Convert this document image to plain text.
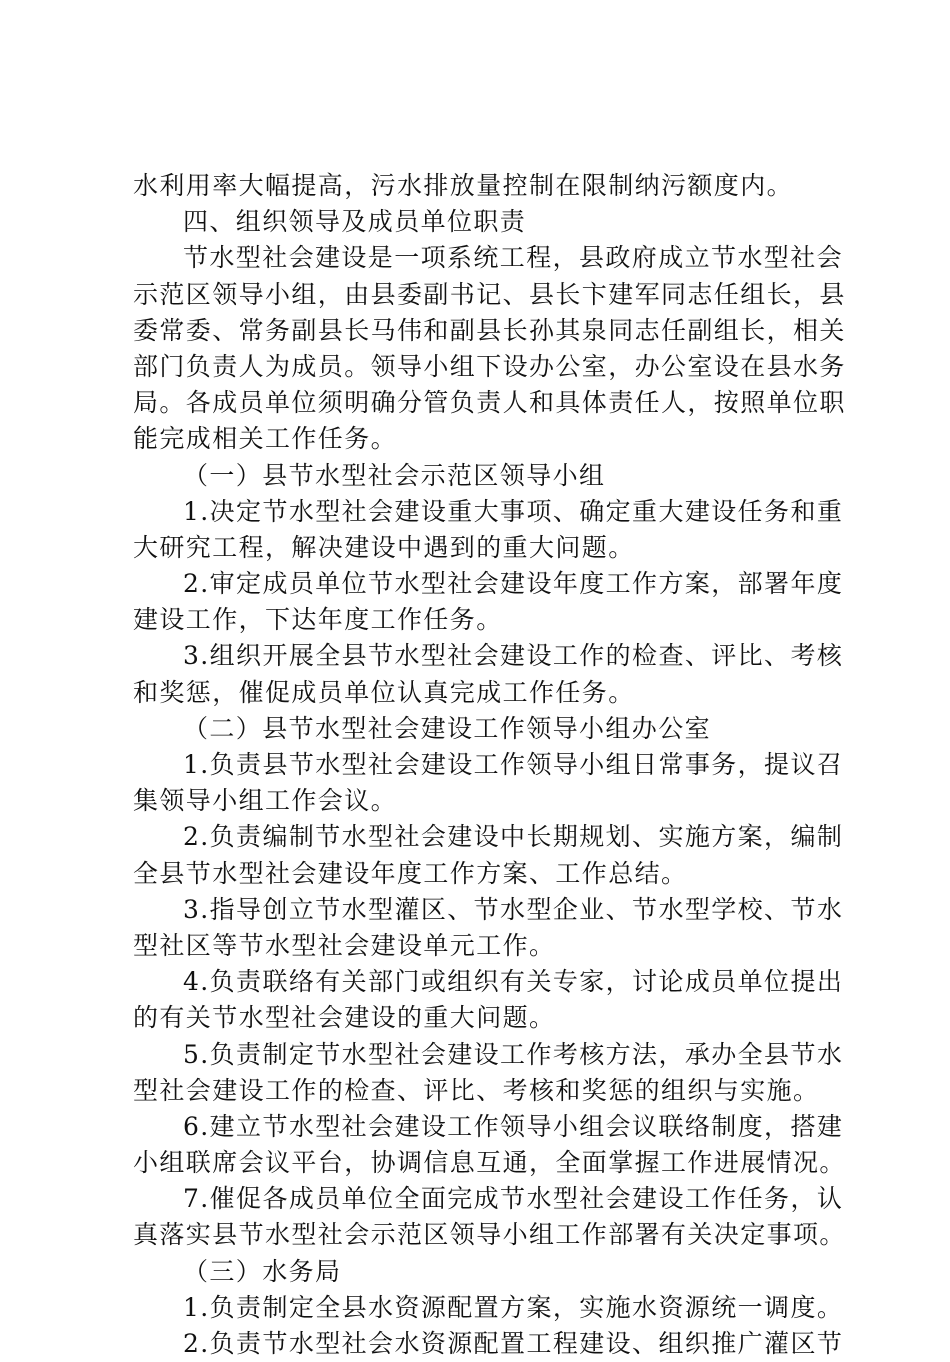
水利用率大幅提高，污水排放量控制在限制纳污额度内。
四、组织领导及成员单位职责
节水型社会建设是一项系统工程，县政府成立节水型社会
示范区领导小组，由县委副书记、县长卞建军同志任组长，县
委常委、常务副县长马伟和副县长孙其泉同志任副组长，相关
部门负责人为成员。领导小组下设办公室，办公室设在县水务
局。各成员单位须明确分管负责人和具体责任人，按照单位职
能完成相关工作任务。
（一）县节水型社会示范区领导小组
1.决定节水型社会建设重大事项、确定重大建设任务和重
大研究工程，解决建设中遇到的重大问题。
2.审定成员单位节水型社会建设年度工作方案，部署年度
建设工作，下达年度工作任务。
3.组织开展全县节水型社会建设工作的检查、评比、考核
和奖惩，催促成员单位认真完成工作任务。
（二）县节水型社会建设工作领导小组办公室
1.负责县节水型社会建设工作领导小组日常事务，提议召
集领导小组工作会议。
2.负责编制节水型社会建设中长期规划、实施方案，编制
全县节水型社会建设年度工作方案、工作总结。
3.指导创立节水型灌区、节水型企业、节水型学校、节水
型社区等节水型社会建设单元工作。
4.负责联络有关部门或组织有关专家，讨论成员单位提出
的有关节水型社会建设的重大问题。
5.负责制定节水型社会建设工作考核方法，承办全县节水
型社会建设工作的检查、评比、考核和奖惩的组织与实施。
6.建立节水型社会建设工作领导小组会议联络制度，搭建
小组联席会议平台，协调信息互通，全面掌握工作进展情况。
7.催促各成员单位全面完成节水型社会建设工作任务，认
真落实县节水型社会示范区领导小组工作部署有关决定事项。
（三）水务局
1.负责制定全县水资源配置方案，实施水资源统一调度。
2.负责节水型社会水资源配置工程建设、组织推广灌区节
